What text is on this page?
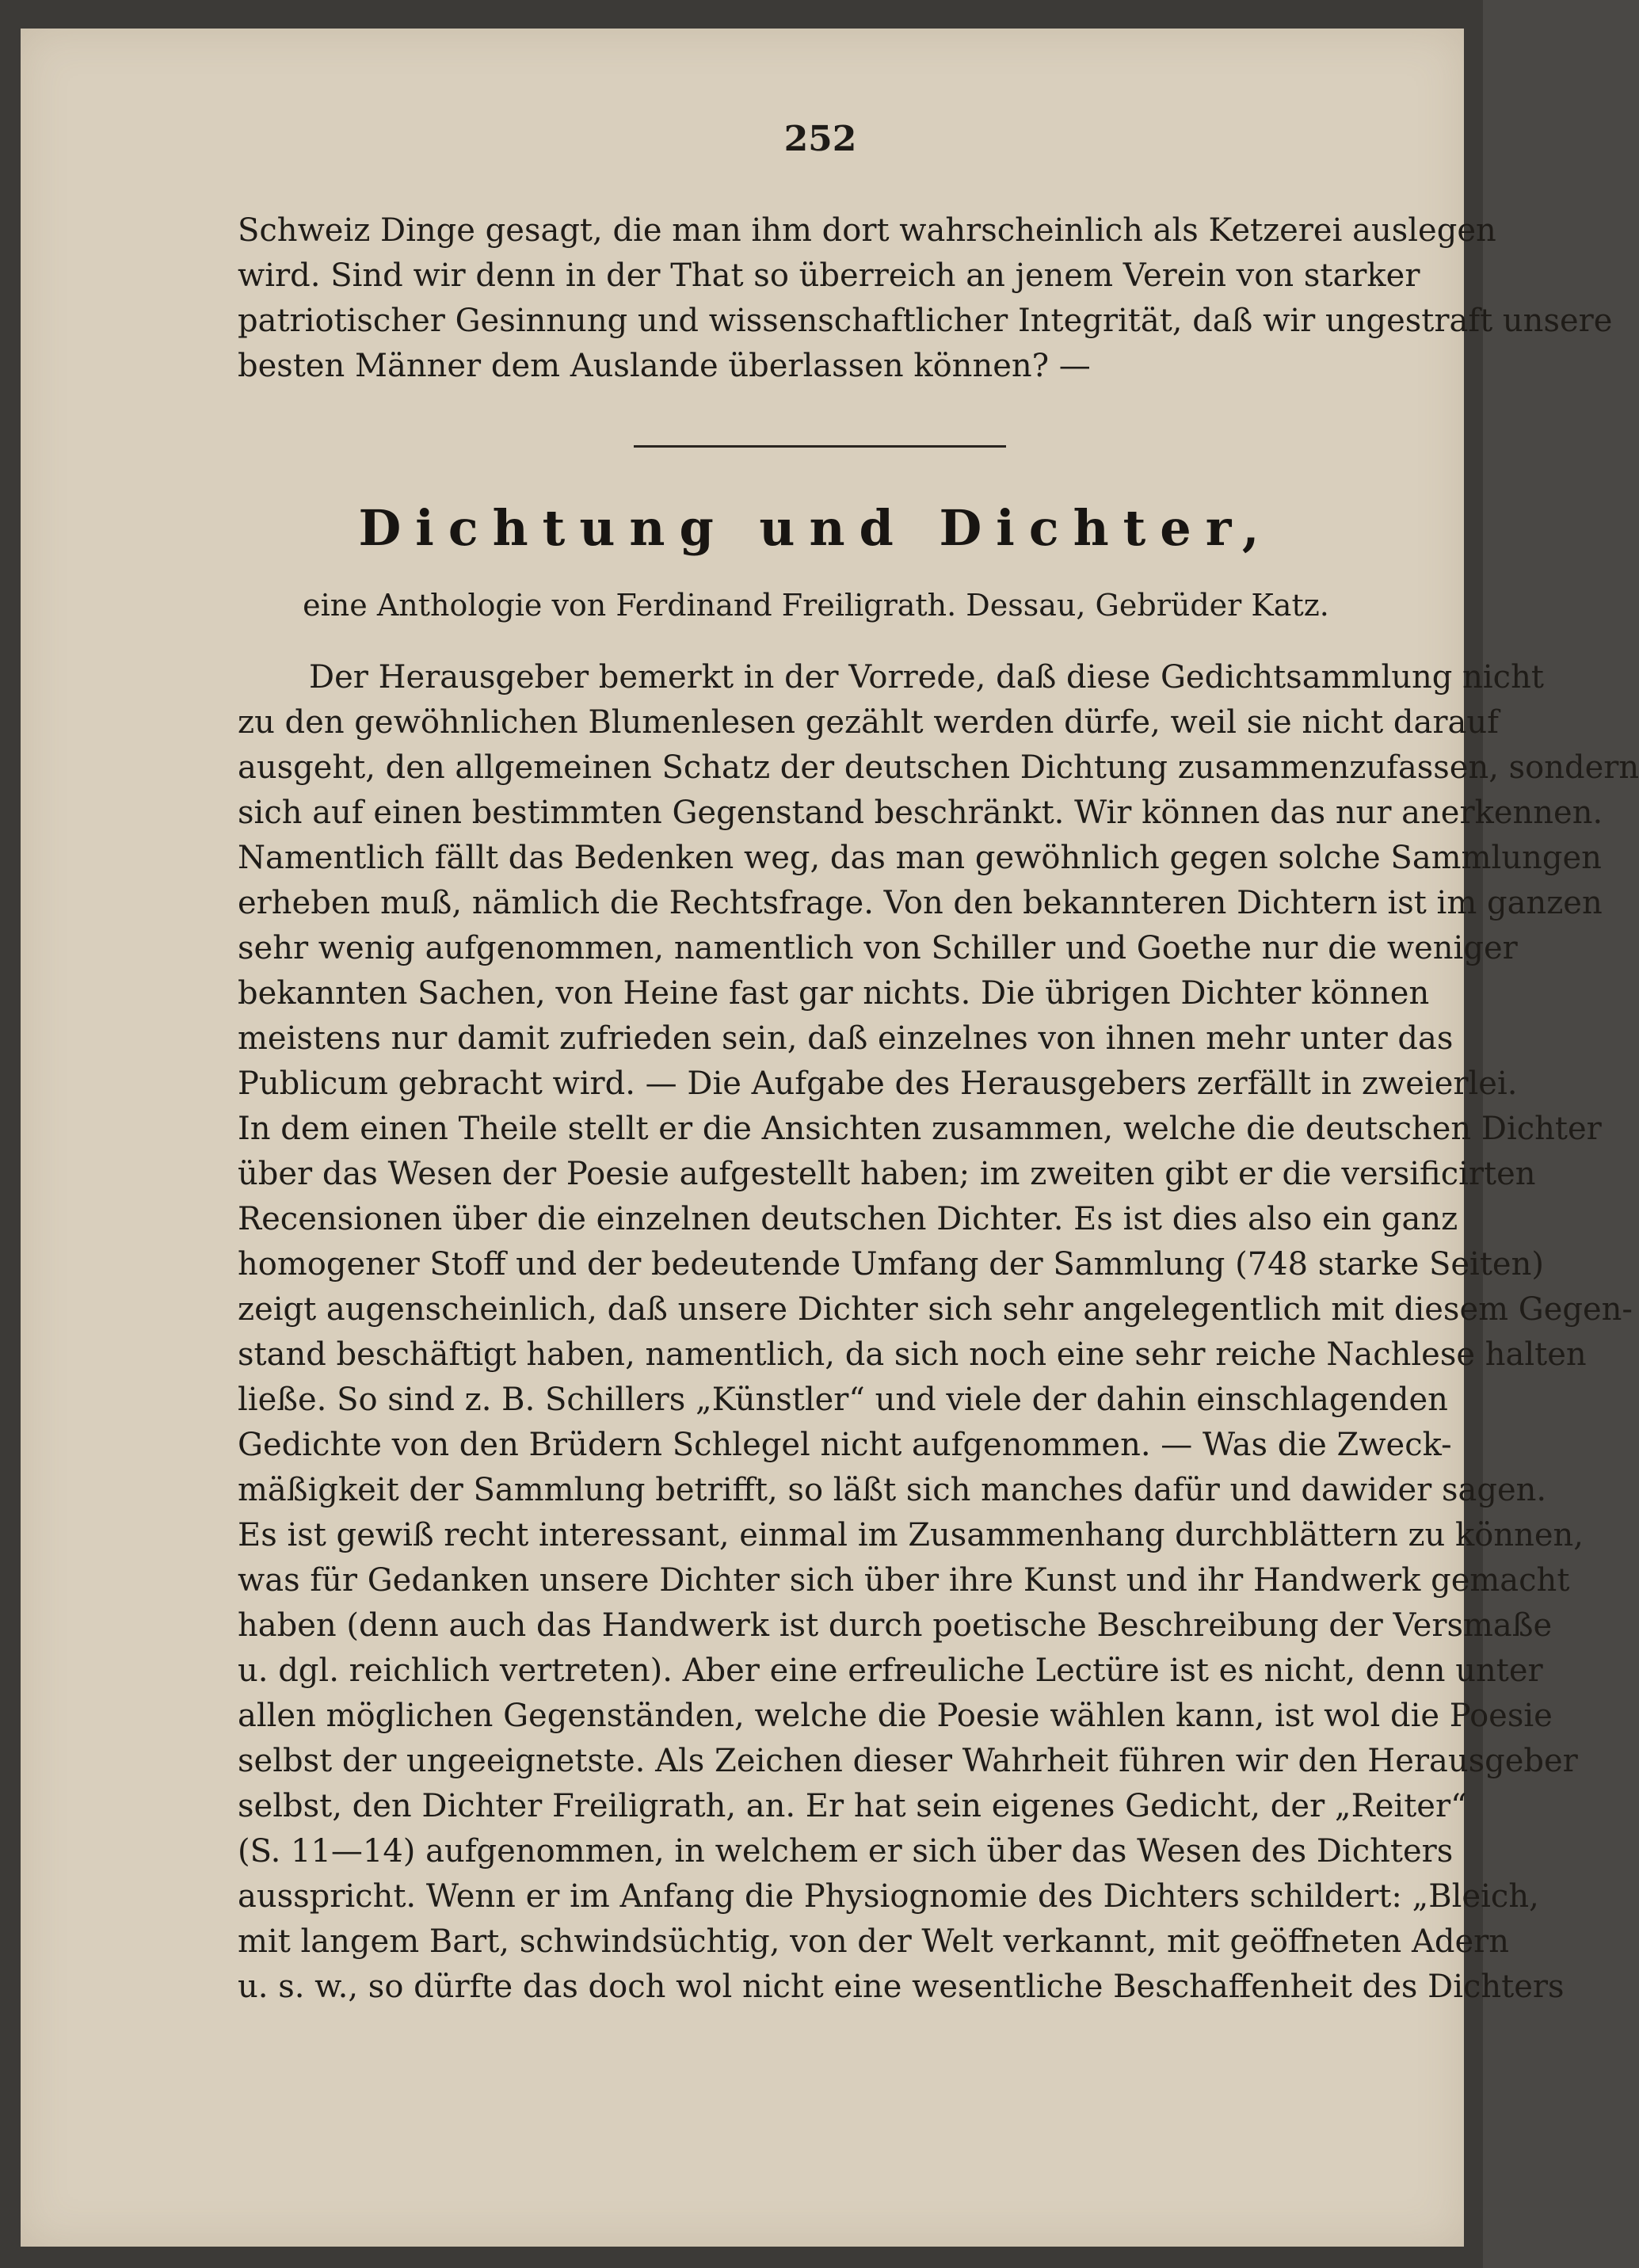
252
Schweiz Dinge gesagt, die man ihm dort wahrscheinlich als Ketzerei auslegen
wird. Sind wir denn in der That so überreich an jenem Verein von starker
patriotischer Gesinnung und wissenschaftlicher Integrität, daß wir ungestraft unsere
besten Männer dem Auslande überlassen können? —
Dichtung und Dichter,
eine Anthologie von Ferdinand Freiligrath. Dessau, Gebrüder Katz.
Der Herausgeber bemerkt in der Vorrede, daß diese Gedichtsammlung nicht
zu den gewöhnlichen Blumenlesen gezählt werden dürfe, weil sie nicht darauf
ausgeht, den allgemeinen Schatz der deutschen Dichtung zusammenzufassen, sondern
sich auf einen bestimmten Gegenstand beschränkt. Wir können das nur anerkennen.
Namentlich fällt das Bedenken weg, das man gewöhnlich gegen solche Sammlungen
erheben muß, nämlich die Rechtsfrage. Von den bekannteren Dichtern ist im ganzen
sehr wenig aufgenommen, namentlich von Schiller und Goethe nur die weniger
bekannten Sachen, von Heine fast gar nichts. Die übrigen Dichter können
meistens nur damit zufrieden sein, daß einzelnes von ihnen mehr unter das
Publicum gebracht wird. — Die Aufgabe des Herausgebers zerfällt in zweierlei.
In dem einen Theile stellt er die Ansichten zusammen, welche die deutschen Dichter
über das Wesen der Poesie aufgestellt haben; im zweiten gibt er die versificirten
Recensionen über die einzelnen deutschen Dichter. Es ist dies also ein ganz
homogener Stoff und der bedeutende Umfang der Sammlung (748 starke Seiten)
zeigt augenscheinlich, daß unsere Dichter sich sehr angelegentlich mit diesem Gegen-
stand beschäftigt haben, namentlich, da sich noch eine sehr reiche Nachlese halten
ließe. So sind z. B. Schillers „Künstler“ und viele der dahin einschlagenden
Gedichte von den Brüdern Schlegel nicht aufgenommen. — Was die Zweck-
mäßigkeit der Sammlung betrifft, so läßt sich manches dafür und dawider sagen.
Es ist gewiß recht interessant, einmal im Zusammenhang durchblättern zu können,
was für Gedanken unsere Dichter sich über ihre Kunst und ihr Handwerk gemacht
haben (denn auch das Handwerk ist durch poetische Beschreibung der Versmaße
u. dgl. reichlich vertreten). Aber eine erfreuliche Lectüre ist es nicht, denn unter
allen möglichen Gegenständen, welche die Poesie wählen kann, ist wol die Poesie
selbst der ungeeignetste. Als Zeichen dieser Wahrheit führen wir den Herausgeber
selbst, den Dichter Freiligrath, an. Er hat sein eigenes Gedicht, der „Reiter“
(S. 11—14) aufgenommen, in welchem er sich über das Wesen des Dichters
ausspricht. Wenn er im Anfang die Physiognomie des Dichters schildert: „Bleich,
mit langem Bart, schwindsüchtig, von der Welt verkannt, mit geöffneten Adern
u. s. w., so dürfte das doch wol nicht eine wesentliche Beschaffenheit des Dichters
